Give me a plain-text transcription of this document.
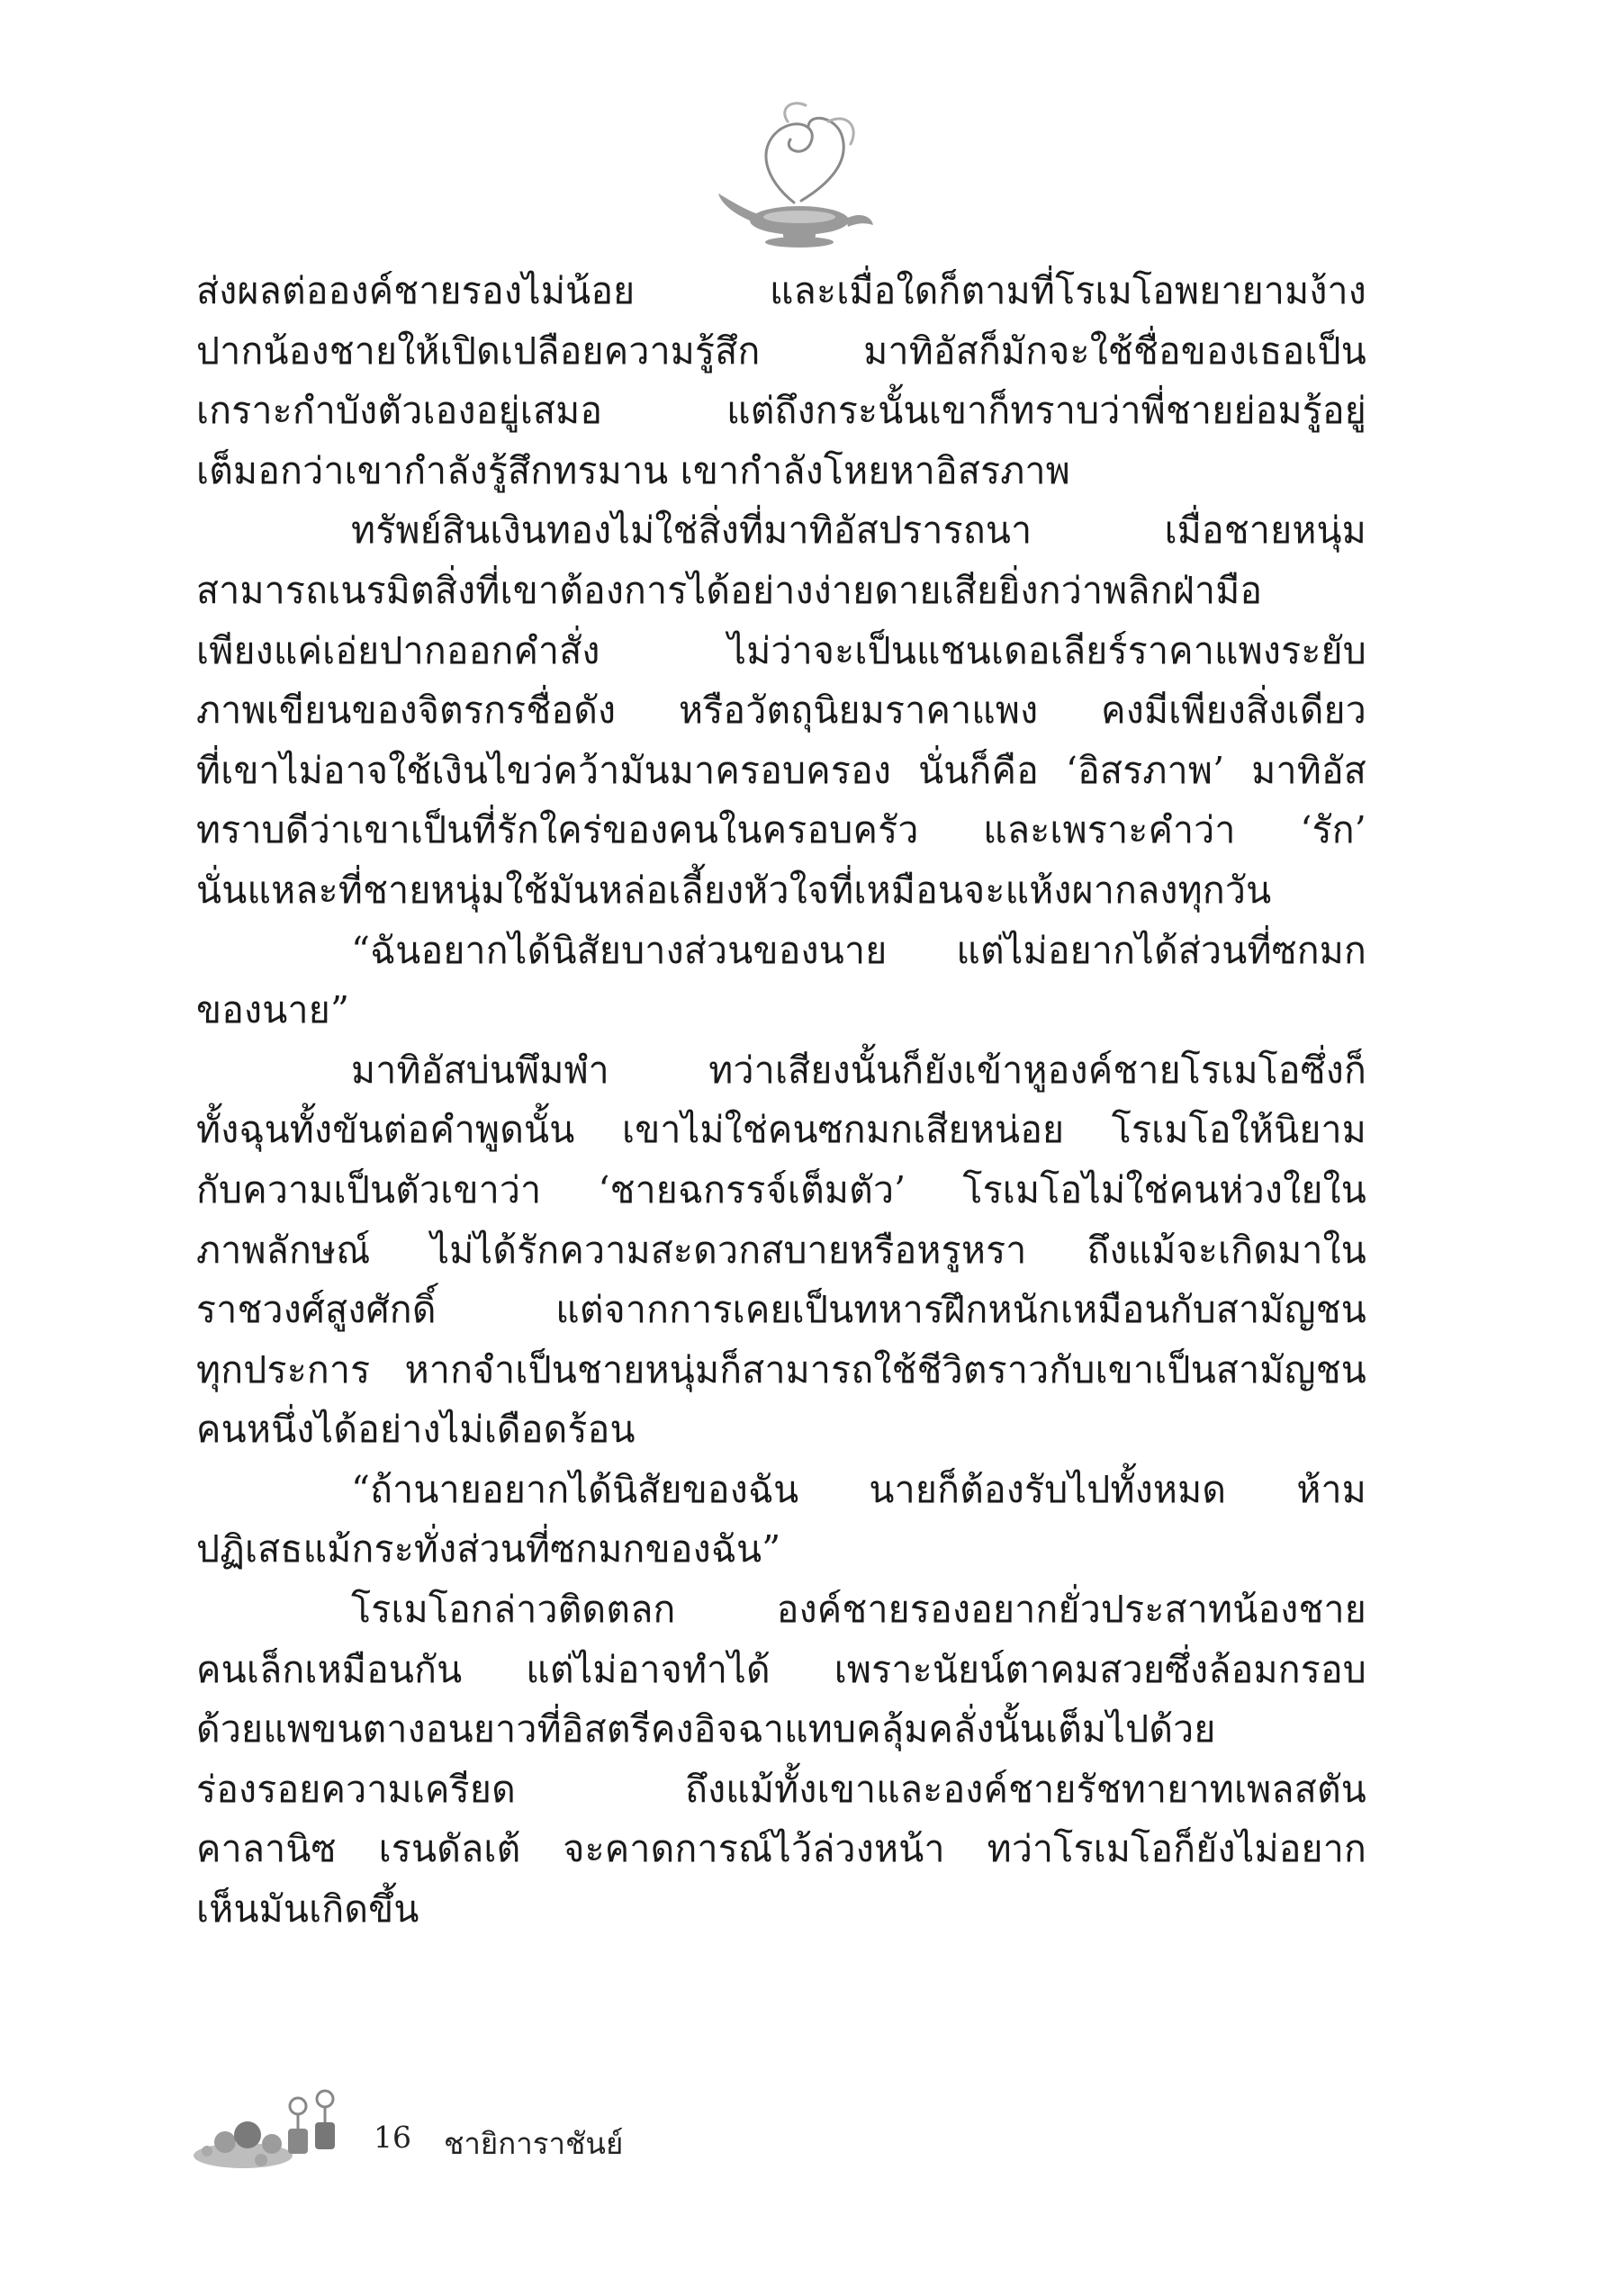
ส่งผลต่อองค์ชายรองไม่น้อย และเมื่อใดก็ตามที่โรเมโอพยายามง้าง
ปากน้องชายให้เปิดเปลือยความรู้สึก มาทิอัสก็มักจะใช้ชื่อของเธอเป็น
เกราะกำบังตัวเองอยู่เสมอ แต่ถึงกระนั้นเขาก็ทราบว่าพี่ชายย่อมรู้อยู่
เต็มอกว่าเขากำลังรู้สึกทรมาน เขากำลังโหยหาอิสรภาพ
ทรัพย์สินเงินทองไม่ใช่สิ่งที่มาทิอัสปรารถนา เมื่อชายหนุ่ม
สามารถเนรมิตสิ่งที่เขาต้องการได้อย่างง่ายดายเสียยิ่งกว่าพลิกฝ่ามือ
เพียงแค่เอ่ยปากออกคำสั่ง ไม่ว่าจะเป็นแชนเดอเลียร์ราคาแพงระยับ
ภาพเขียนของจิตรกรชื่อดัง หรือวัตถุนิยมราคาแพง คงมีเพียงสิ่งเดียว
ที่เขาไม่อาจใช้เงินไขว่คว้ามันมาครอบครอง นั่นก็คือ ‘อิสรภาพ’ มาทิอัส
ทราบดีว่าเขาเป็นที่รักใคร่ของคนในครอบครัว และเพราะคำว่า ‘รัก’
นั่นแหละที่ชายหนุ่มใช้มันหล่อเลี้ยงหัวใจที่เหมือนจะแห้งผากลงทุกวัน
“ฉันอยากได้นิสัยบางส่วนของนาย แต่ไม่อยากได้ส่วนที่ซกมก
ของนาย”
มาทิอัสบ่นพึมพำ ทว่าเสียงนั้นก็ยังเข้าหูองค์ชายโรเมโอซึ่งก็
ทั้งฉุนทั้งขันต่อคำพูดนั้น เขาไม่ใช่คนซกมกเสียหน่อย โรเมโอให้นิยาม
กับความเป็นตัวเขาว่า ‘ชายฉกรรจ์เต็มตัว’ โรเมโอไม่ใช่คนห่วงใยใน
ภาพลักษณ์ ไม่ได้รักความสะดวกสบายหรือหรูหรา ถึงแม้จะเกิดมาใน
ราชวงศ์สูงศักดิ์ แต่จากการเคยเป็นทหารฝึกหนักเหมือนกับสามัญชน
ทุกประการ หากจำเป็นชายหนุ่มก็สามารถใช้ชีวิตราวกับเขาเป็นสามัญชน
คนหนึ่งได้อย่างไม่เดือดร้อน
“ถ้านายอยากได้นิสัยของฉัน นายก็ต้องรับไปทั้งหมด ห้าม
ปฏิเสธแม้กระทั่งส่วนที่ซกมกของฉัน”
โรเมโอกล่าวติดตลก องค์ชายรองอยากยั่วประสาทน้องชาย
คนเล็กเหมือนกัน แต่ไม่อาจทำได้ เพราะนัยน์ตาคมสวยซึ่งล้อมกรอบ
ด้วยแพขนตางอนยาวที่อิสตรีคงอิจฉาแทบคลุ้มคลั่งนั้นเต็มไปด้วย
ร่องรอยความเครียด ถึงแม้ทั้งเขาและองค์ชายรัชทายาทเพลสตัน
คาลานิซ เรนดัลเต้ จะคาดการณ์ไว้ล่วงหน้า ทว่าโรเมโอก็ยังไม่อยาก
เห็นมันเกิดขึ้น
16 ชายิการาชันย์
